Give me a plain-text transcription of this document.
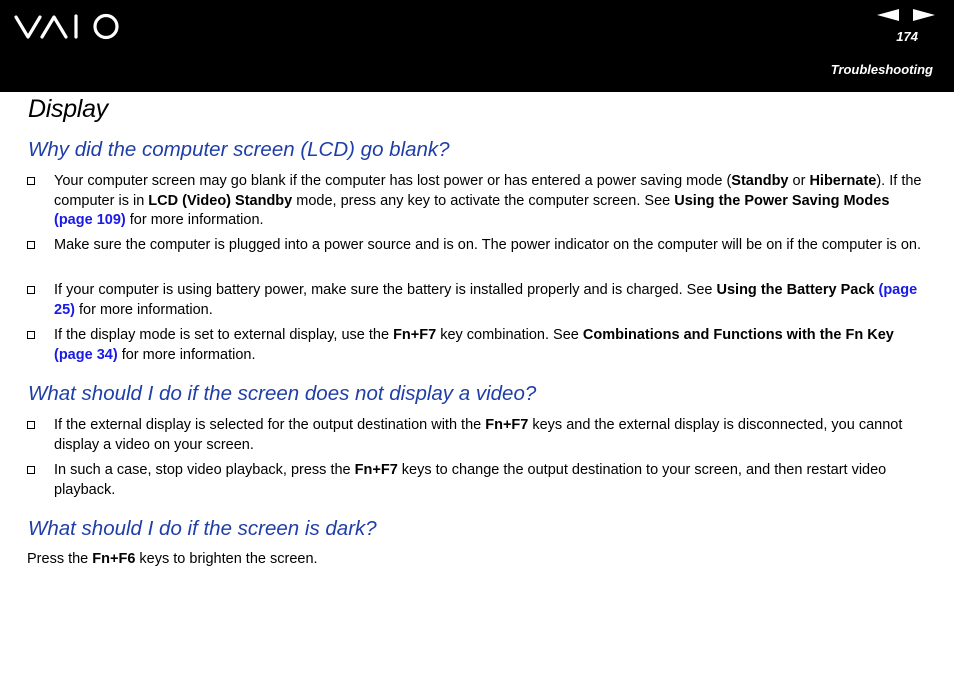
174
Troubleshooting
Display
Why did the computer screen (LCD) go blank?
Your computer screen may go blank if the computer has lost power or has entered a power saving mode (Standby or Hibernate). If the computer is in LCD (Video) Standby mode, press any key to activate the computer screen. See Using the Power Saving Modes (page 109) for more information.
Make sure the computer is plugged into a power source and is on. The power indicator on the computer will be on if the computer is on.
If your computer is using battery power, make sure the battery is installed properly and is charged. See Using the Battery Pack (page 25) for more information.
If the display mode is set to external display, use the Fn+F7 key combination. See Combinations and Functions with the Fn Key (page 34) for more information.
What should I do if the screen does not display a video?
If the external display is selected for the output destination with the Fn+F7 keys and the external display is disconnected, you cannot display a video on your screen.
In such a case, stop video playback, press the Fn+F7 keys to change the output destination to your screen, and then restart video playback.
What should I do if the screen is dark?
Press the Fn+F6 keys to brighten the screen.
